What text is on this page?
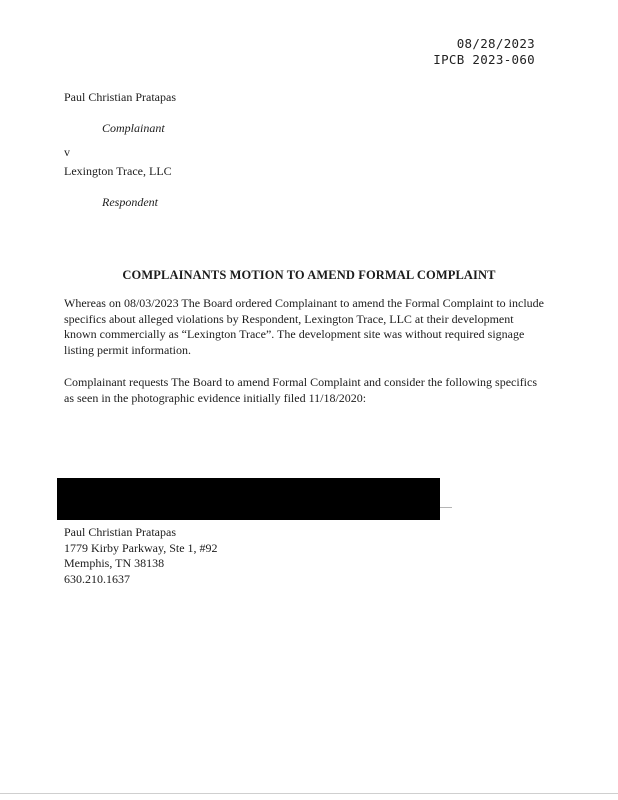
08/28/2023
IPCB 2023-060
Paul Christian Pratapas
Complainant
v
Lexington Trace, LLC
Respondent
COMPLAINANTS MOTION TO AMEND FORMAL COMPLAINT

Whereas on 08/03/2023 The Board ordered Complainant to amend the Formal Complaint to include specifics about alleged violations by Respondent, Lexington Trace, LLC at their development known commercially as “Lexington Trace”. The development site was without required signage listing permit information.

Complainant requests The Board to amend Formal Complaint and consider the following specifics as seen in the photographic evidence initially filed 11/18/2020:

Paul Christian Pratapas
1779 Kirby Parkway, Ste 1, #92
Memphis, TN 38138
630.210.1637
